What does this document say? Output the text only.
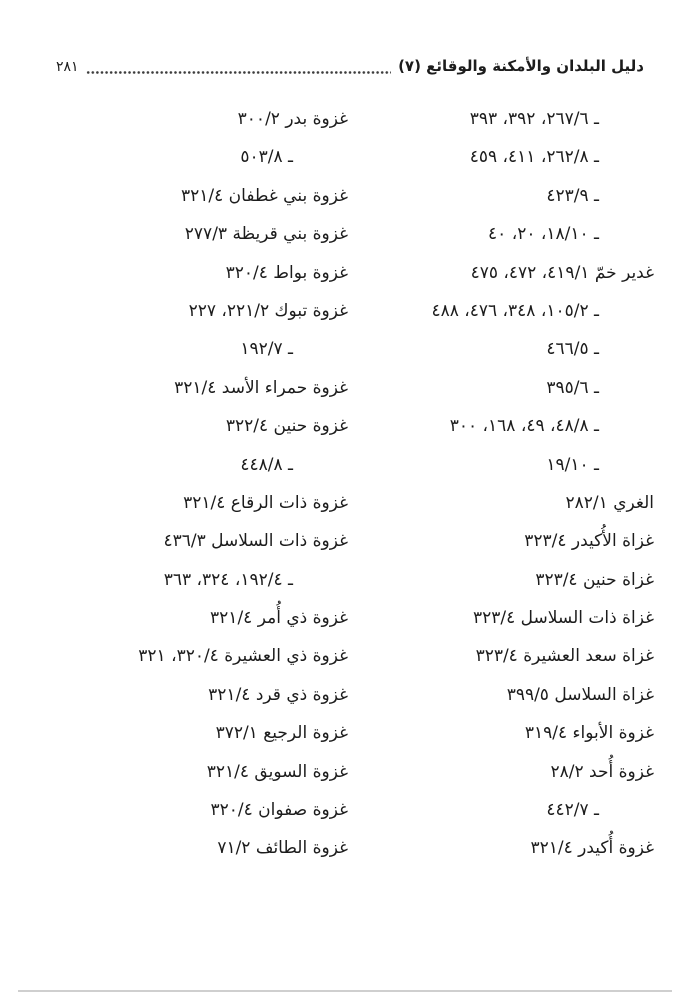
دليل البلدان والأمكنة والوقائع (٧)
٢٨١
ـ ٢٦٧/٦، ٣٩٢، ٣٩٣
ـ ٢٦٢/٨، ٤١١، ٤٥٩
ـ ٤٢٣/٩
ـ ١٨/١٠، ٢٠، ٤٠
غدير خمّ ٤١٩/١، ٤٧٢، ٤٧٥
ـ ١٠٥/٢، ٣٤٨، ٤٧٦، ٤٨٨
ـ ٤٦٦/٥
ـ ٣٩٥/٦
ـ ٤٨/٨، ٤٩، ١٦٨، ٣٠٠
ـ ١٩/١٠
الغري ٢٨٢/١
غزاة الأُكيدر ٣٢٣/٤
غزاة حنين ٣٢٣/٤
غزاة ذات السلاسل ٣٢٣/٤
غزاة سعد العشيرة ٣٢٣/٤
غزاة السلاسل ٣٩٩/٥
غزوة الأبواء ٣١٩/٤
غزوة أُحد ٢٨/٢
ـ ٤٤٢/٧
غزوة أُكيدر ٣٢١/٤
غزوة بدر ٣٠٠/٢
ـ ٥٠٣/٨
غزوة بني غطفان ٣٢١/٤
غزوة بني قريظة ٢٧٧/٣
غزوة بواط ٣٢٠/٤
غزوة تبوك ٢٢١/٢، ٢٢٧
ـ ١٩٢/٧
غزوة حمراء الأسد ٣٢١/٤
غزوة حنين ٣٢٢/٤
ـ ٤٤٨/٨
غزوة ذات الرقاع ٣٢١/٤
غزوة ذات السلاسل ٤٣٦/٣
ـ ١٩٢/٤، ٣٢٤، ٣٦٣
غزوة ذي أُمر ٣٢١/٤
غزوة ذي العشيرة ٣٢٠/٤، ٣٢١
غزوة ذي قرد ٣٢١/٤
غزوة الرجيع ٣٧٢/١
غزوة السويق ٣٢١/٤
غزوة صفوان ٣٢٠/٤
غزوة الطائف ٧١/٢
